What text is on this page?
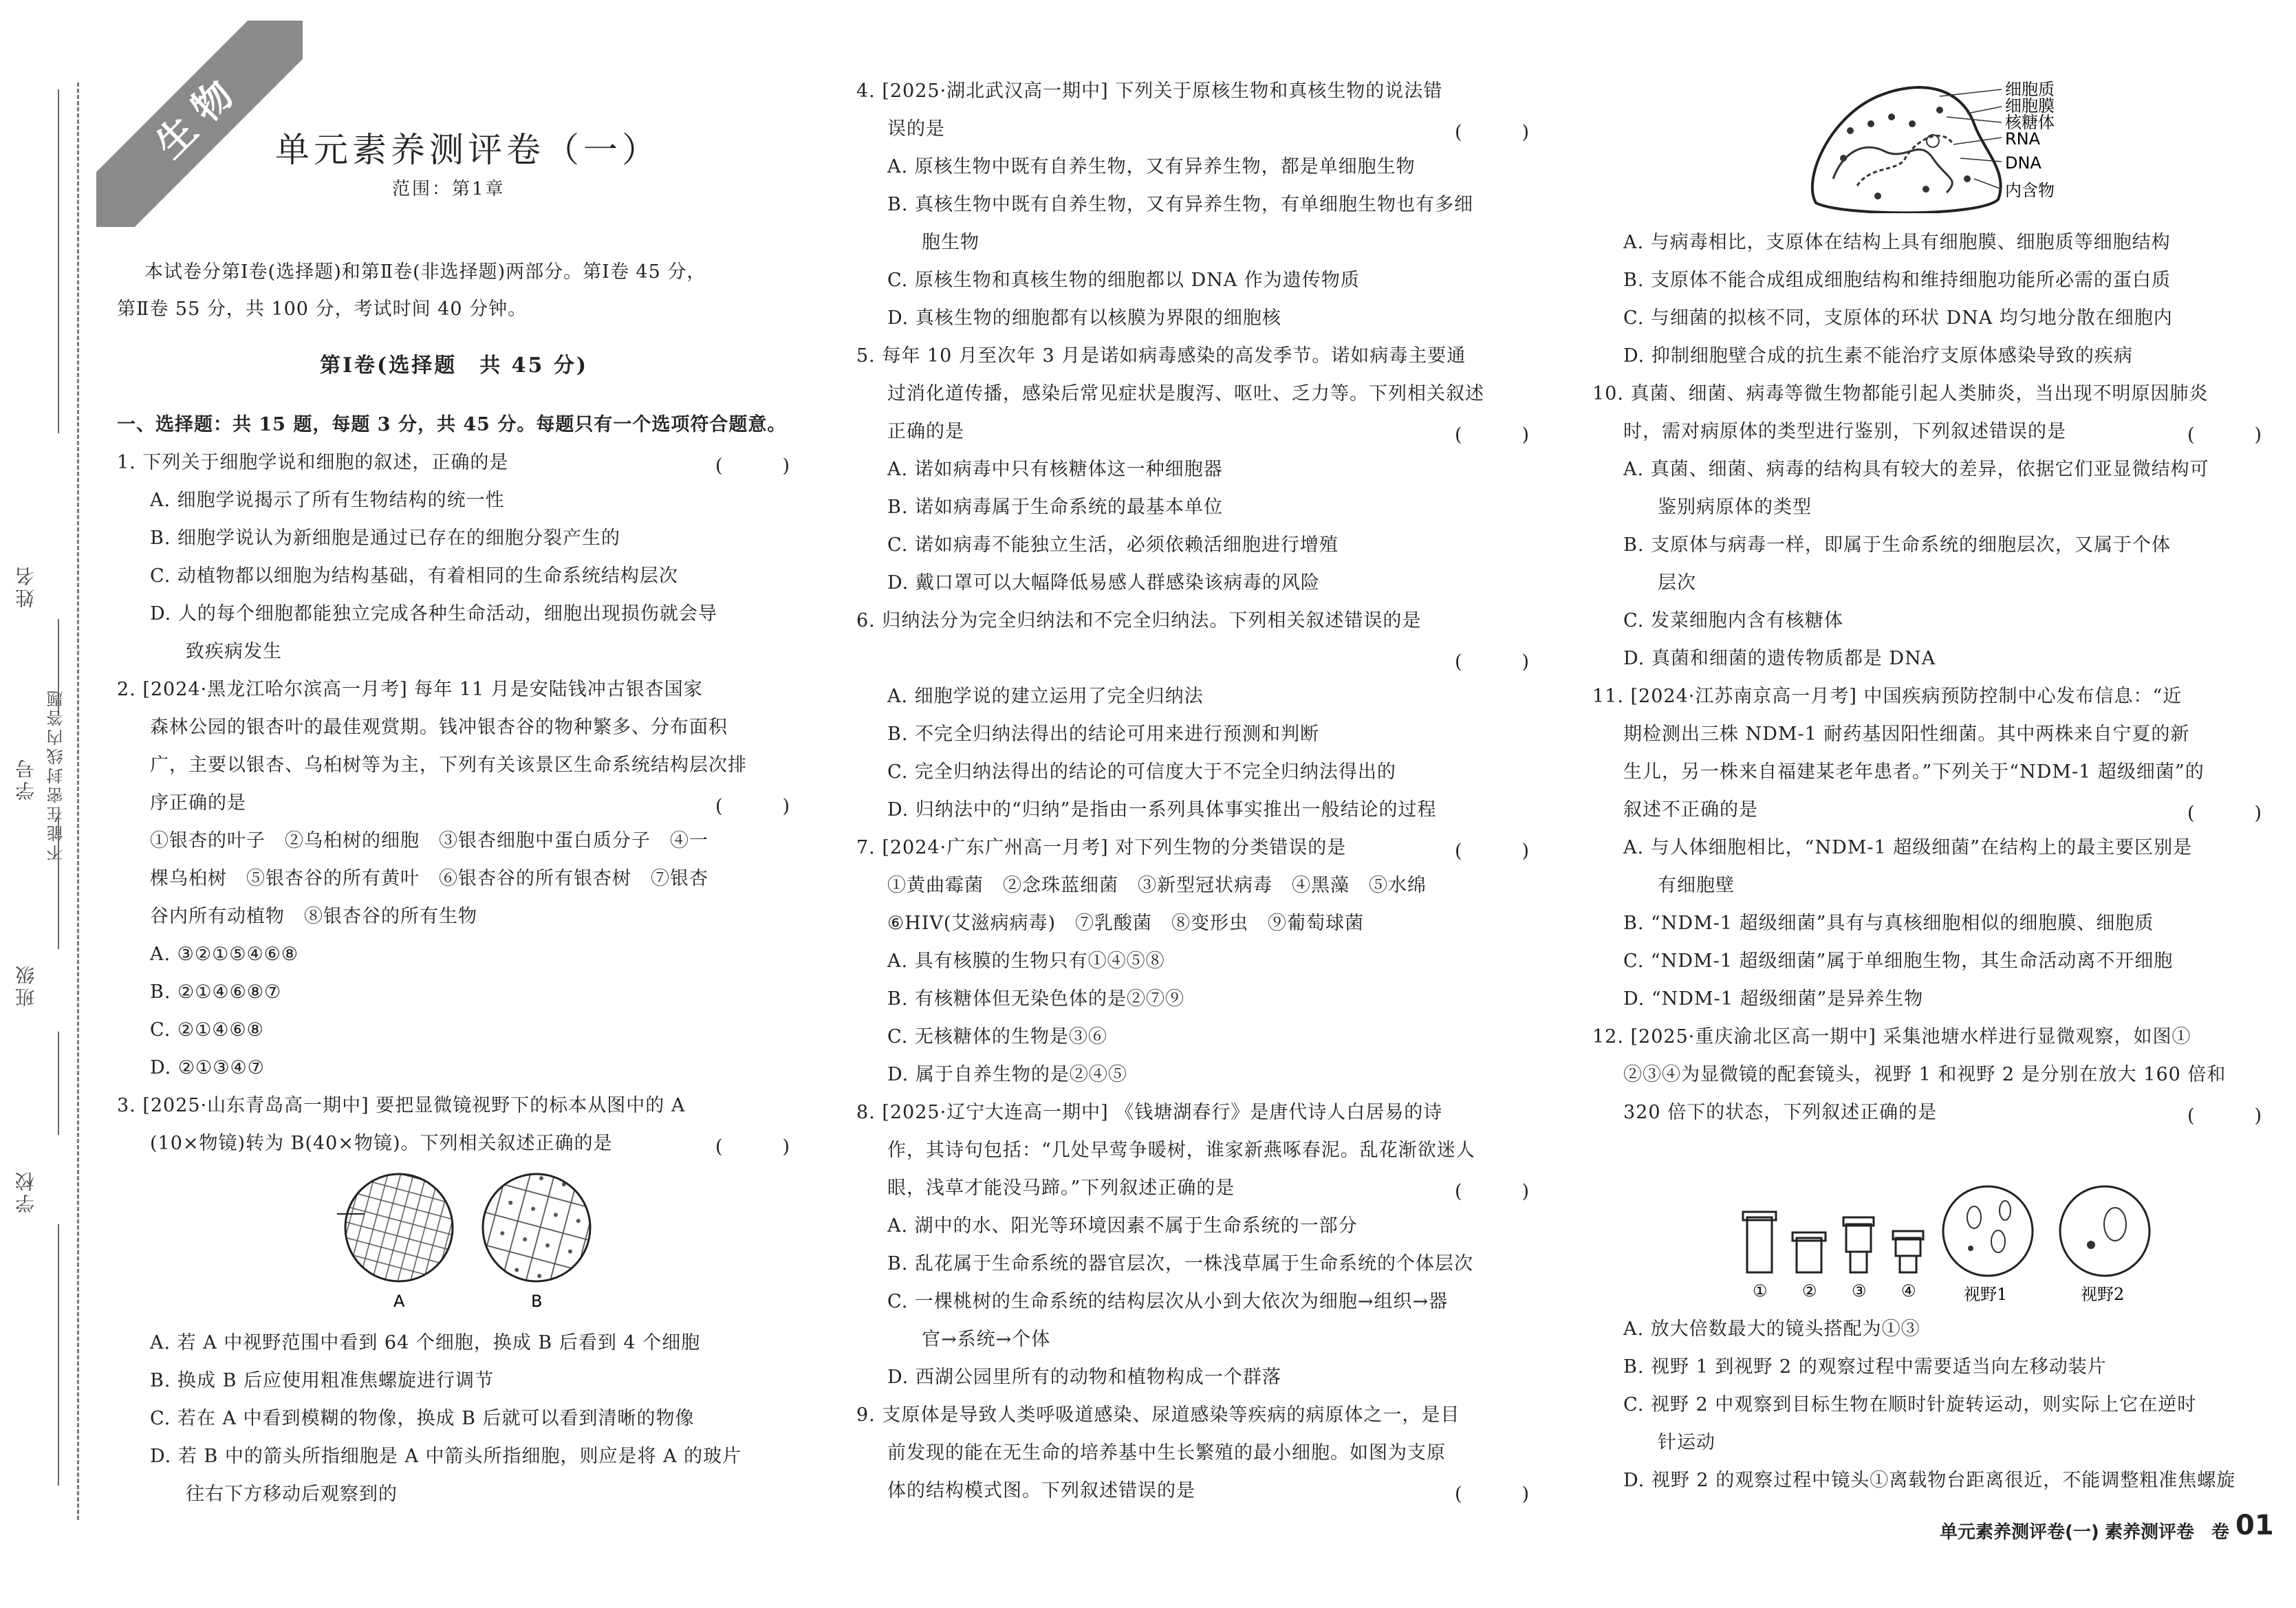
姓名
学号 不能在密封线内答题
班级
学校
生物 单元素养测评卷（一）
范围：第1章
本试卷分第Ⅰ卷(选择题)和第Ⅱ卷(非选择题)两部分。第Ⅰ卷 45 分，
第Ⅱ卷 55 分，共 100 分，考试时间 40 分钟。
第Ⅰ卷(选择题　共 45 分)
一、选择题：共 15 题，每题 3 分，共 45 分。每题只有一个选项符合题意。
1. 下列关于细胞学说和细胞的叙述，正确的是	(　)
A. 细胞学说揭示了所有生物结构的统一性
B. 细胞学说认为新细胞是通过已存在的细胞分裂产生的
C. 动植物都以细胞为结构基础，有着相同的生命系统结构层次
D. 人的每个细胞都能独立完成各种生命活动，细胞出现损伤就会导
致疾病发生
2. [2024·黑龙江哈尔滨高一月考] 每年 11 月是安陆钱冲古银杏国家
森林公园的银杏叶的最佳观赏期。钱冲银杏谷的物种繁多、分布面积
广，主要以银杏、乌桕树等为主，下列有关该景区生命系统结构层次排
序正确的是	(　)
①银杏的叶子　②乌桕树的细胞　③银杏细胞中蛋白质分子　④一
棵乌桕树　⑤银杏谷的所有黄叶　⑥银杏谷的所有银杏树　⑦银杏
谷内所有动植物　⑧银杏谷的所有生物
A. ③②①⑤④⑥⑧
B. ②①④⑥⑧⑦
C. ②①④⑥⑧
D. ②①③④⑦
3. [2025·山东青岛高一期中] 要把显微镜视野下的标本从图中的 A
(10×物镜)转为 B(40×物镜)。下列相关叙述正确的是	(　)
A	B
A. 若 A 中视野范围中看到 64 个细胞，换成 B 后看到 4 个细胞
B. 换成 B 后应使用粗准焦螺旋进行调节
C. 若在 A 中看到模糊的物像，换成 B 后就可以看到清晰的物像
D. 若 B 中的箭头所指细胞是 A 中箭头所指细胞，则应是将 A 的玻片
往右下方移动后观察到的
4. [2025·湖北武汉高一期中] 下列关于原核生物和真核生物的说法错
误的是	(　)
A. 原核生物中既有自养生物，又有异养生物，都是单细胞生物
B. 真核生物中既有自养生物，又有异养生物，有单细胞生物也有多细
胞生物
C. 原核生物和真核生物的细胞都以 DNA 作为遗传物质
D. 真核生物的细胞都有以核膜为界限的细胞核
5. 每年 10 月至次年 3 月是诺如病毒感染的高发季节。诺如病毒主要通
过消化道传播，感染后常见症状是腹泻、呕吐、乏力等。下列相关叙述
正确的是	(　)
A. 诺如病毒中只有核糖体这一种细胞器
B. 诺如病毒属于生命系统的最基本单位
C. 诺如病毒不能独立生活，必须依赖活细胞进行增殖
D. 戴口罩可以大幅降低易感人群感染该病毒的风险
6. 归纳法分为完全归纳法和不完全归纳法。下列相关叙述错误的是
(　)
A. 细胞学说的建立运用了完全归纳法
B. 不完全归纳法得出的结论可用来进行预测和判断
C. 完全归纳法得出的结论的可信度大于不完全归纳法得出的
D. 归纳法中的“归纳”是指由一系列具体事实推出一般结论的过程
7. [2024·广东广州高一月考] 对下列生物的分类错误的是	(　)
①黄曲霉菌　②念珠蓝细菌　③新型冠状病毒　④黑藻　⑤水绵
⑥HIV(艾滋病病毒)　⑦乳酸菌　⑧变形虫　⑨葡萄球菌
A. 具有核膜的生物只有①④⑤⑧
B. 有核糖体但无染色体的是②⑦⑨
C. 无核糖体的生物是③⑥
D. 属于自养生物的是②④⑤
8. [2025·辽宁大连高一期中] 《钱塘湖春行》是唐代诗人白居易的诗
作，其诗句包括：“几处早莺争暖树，谁家新燕啄春泥。乱花渐欲迷人
眼，浅草才能没马蹄。”下列叙述正确的是	(　)
A. 湖中的水、阳光等环境因素不属于生命系统的一部分
B. 乱花属于生命系统的器官层次，一株浅草属于生命系统的个体层次
C. 一棵桃树的生命系统的结构层次从小到大依次为细胞→组织→器
官→系统→个体
D. 西湖公园里所有的动物和植物构成一个群落
9. 支原体是导致人类呼吸道感染、尿道感染等疾病的病原体之一，是目
前发现的能在无生命的培养基中生长繁殖的最小细胞。如图为支原
体的结构模式图。下列叙述错误的是	(　)
细胞质
细胞膜
核糖体
RNA
DNA
内含物
A. 与病毒相比，支原体在结构上具有细胞膜、细胞质等细胞结构
B. 支原体不能合成组成细胞结构和维持细胞功能所必需的蛋白质
C. 与细菌的拟核不同，支原体的环状 DNA 均匀地分散在细胞内
D. 抑制细胞壁合成的抗生素不能治疗支原体感染导致的疾病
10. 真菌、细菌、病毒等微生物都能引起人类肺炎，当出现不明原因肺炎
时，需对病原体的类型进行鉴别，下列叙述错误的是	(　)
A. 真菌、细菌、病毒的结构具有较大的差异，依据它们亚显微结构可
鉴别病原体的类型
B. 支原体与病毒一样，即属于生命系统的细胞层次，又属于个体
层次
C. 发菜细胞内含有核糖体
D. 真菌和细菌的遗传物质都是 DNA
11. [2024·江苏南京高一月考] 中国疾病预防控制中心发布信息：“近
期检测出三株 NDM-1 耐药基因阳性细菌。其中两株来自宁夏的新
生儿，另一株来自福建某老年患者。”下列关于“NDM-1 超级细菌”的
叙述不正确的是	(　)
A. 与人体细胞相比，“NDM-1 超级细菌”在结构上的最主要区别是
有细胞壁
B. “NDM-1 超级细菌”具有与真核细胞相似的细胞膜、细胞质
C. “NDM-1 超级细菌”属于单细胞生物，其生命活动离不开细胞
D. “NDM-1 超级细菌”是异养生物
12. [2025·重庆渝北区高一期中] 采集池塘水样进行显微观察，如图①
②③④为显微镜的配套镜头，视野 1 和视野 2 是分别在放大 160 倍和
320 倍下的状态，下列叙述正确的是	(　)
① ② ③ ④	视野1	视野2
A. 放大倍数最大的镜头搭配为①③
B. 视野 1 到视野 2 的观察过程中需要适当向左移动装片
C. 视野 2 中观察到目标生物在顺时针旋转运动，则实际上它在逆时
针运动
D. 视野 2 的观察过程中镜头①离载物台距离很近，不能调整粗准焦螺旋
单元素养测评卷(一) 素养测评卷 卷 01
